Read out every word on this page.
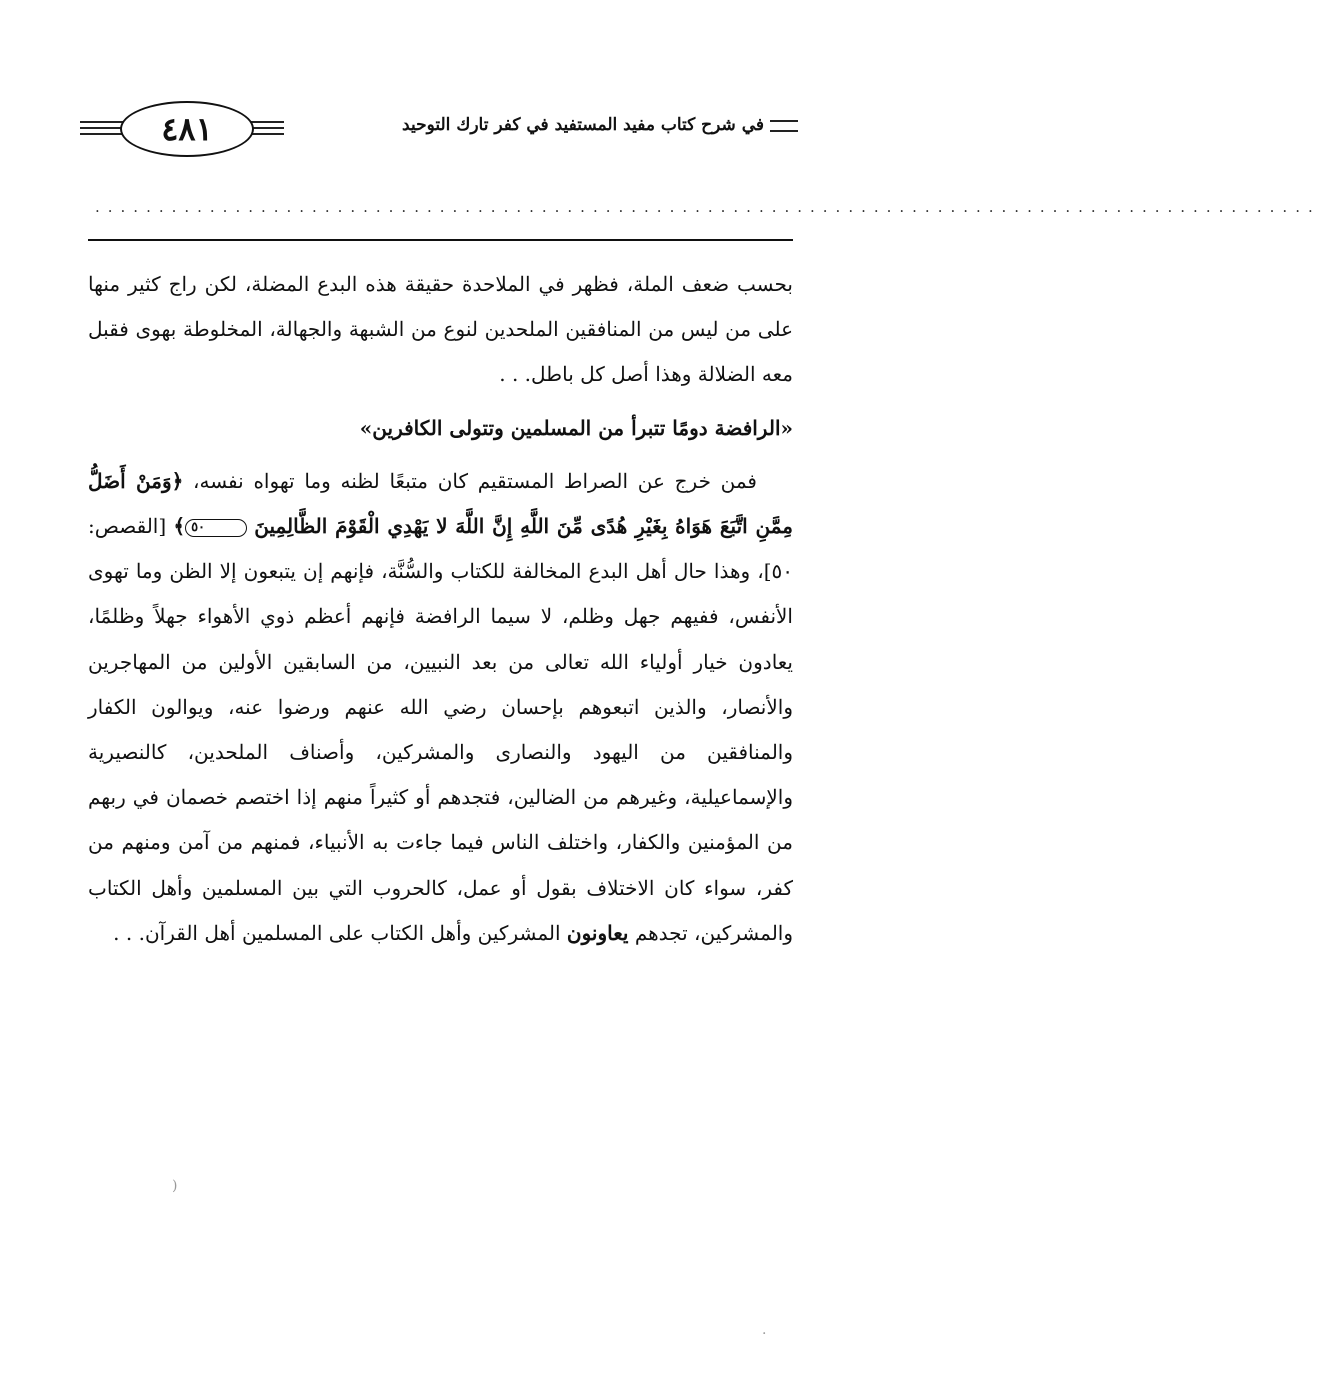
٤٨١	في شرح كتاب مفيد المستفيد في كفر تارك التوحيد
................................................................................................

بحسب ضعف الملة، فظهر في الملاحدة حقيقة هذه البدع المضلة، لكن راج كثير منها على من ليس من المنافقين الملحدين لنوع من الشبهة والجهالة، المخلوطة بهوى فقبل معه الضلالة وهذا أصل كل باطل. . .

«الرافضة دومًا تتبرأ من المسلمين وتتولى الكافرين»

فمن خرج عن الصراط المستقيم كان متبعًا لظنه وما تهواه نفسه، ﴿وَمَنْ أَضَلُّ مِمَّنِ اتَّبَعَ هَوَاهُ بِغَيْرِ هُدًى مِّنَ اللَّهِ إِنَّ اللَّهَ لا يَهْدِي الْقَوْمَ الظَّالِمِينَ ٥٠﴾ [القصص: ٥٠]، وهذا حال أهل البدع المخالفة للكتاب والسُّنَّة، فإنهم إن يتبعون إلا الظن وما تهوى الأنفس، ففيهم جهل وظلم، لا سيما الرافضة فإنهم أعظم ذوي الأهواء جهلاً وظلمًا، يعادون خيار أولياء الله تعالى من بعد النبيين، من السابقين الأولين من المهاجرين والأنصار، والذين اتبعوهم بإحسان رضي الله عنهم ورضوا عنه، ويوالون الكفار والمنافقين من اليهود والنصارى والمشركين، وأصناف الملحدين، كالنصيرية والإسماعيلية، وغيرهم من الضالين، فتجدهم أو كثيراً منهم إذا اختصم خصمان في ربهم من المؤمنين والكفار، واختلف الناس فيما جاءت به الأنبياء، فمنهم من آمن ومنهم من كفر، سواء كان الاختلاف بقول أو عمل، كالحروب التي بين المسلمين وأهل الكتاب والمشركين، تجدهم يعاونون المشركين وأهل الكتاب على المسلمين أهل القرآن. . .

)
·
